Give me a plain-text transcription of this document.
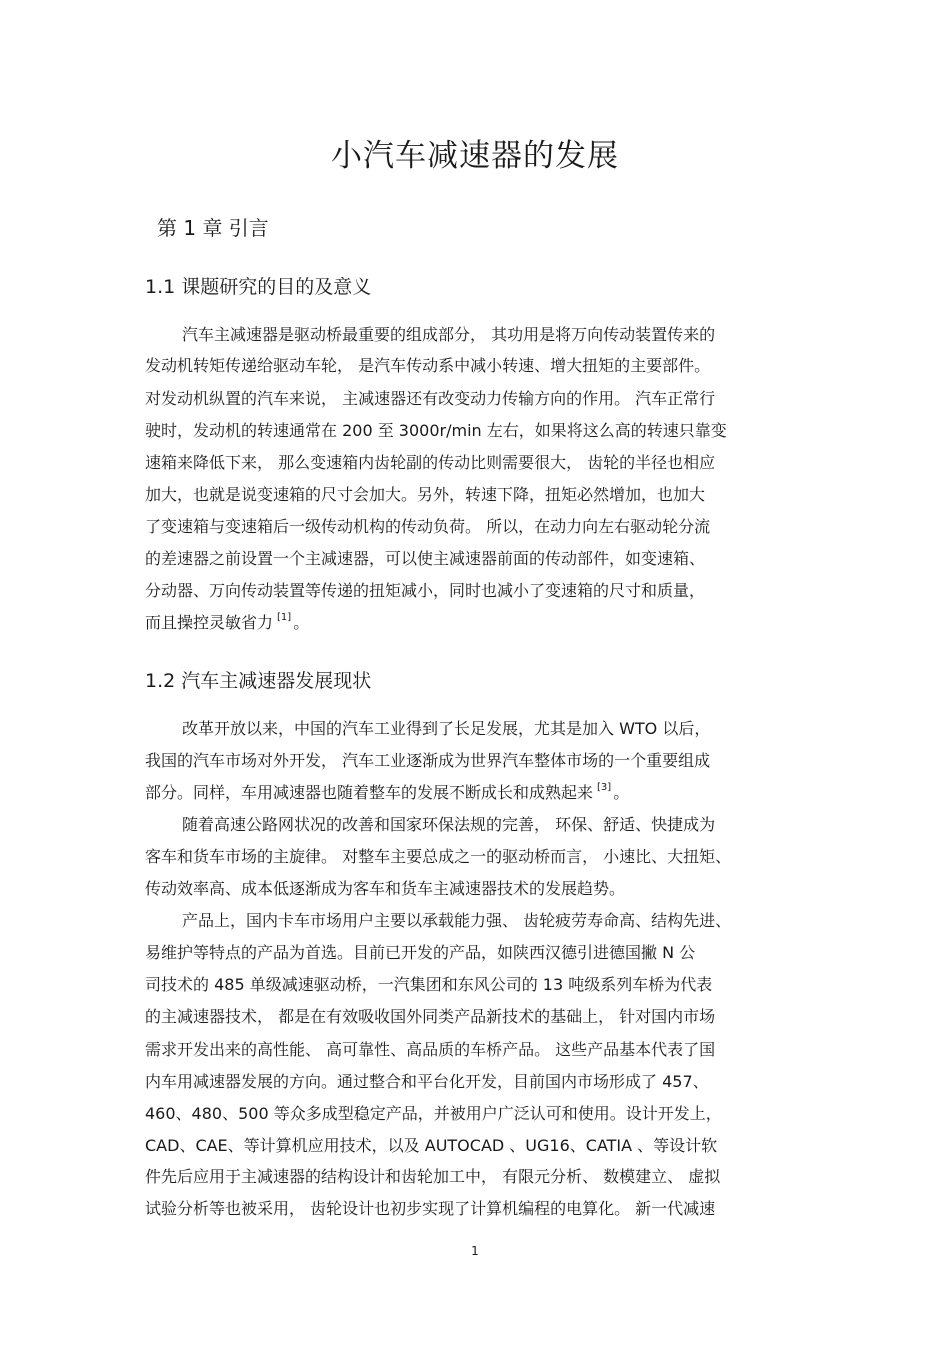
小汽车减速器的发展
第 1 章 引言
1.1 课题研究的目的及意义

汽车主减速器是驱动桥最重要的组成部分， 其功用是将万向传动装置传来的

发动机转矩传递给驱动车轮， 是汽车传动系中减小转速、增大扭矩的主要部件。

对发动机纵置的汽车来说， 主减速器还有改变动力传输方向的作用。 汽车正常行

驶时，发动机的转速通常在 200 至 3000r/min 左右，如果将这么高的转速只靠变

速箱来降低下来， 那么变速箱内齿轮副的传动比则需要很大， 齿轮的半径也相应

加大，也就是说变速箱的尺寸会加大。另外，转速下降，扭矩必然增加，也加大

了变速箱与变速箱后一级传动机构的传动负荷。 所以，在动力向左右驱动轮分流

的差速器之前设置一个主减速器，可以使主减速器前面的传动部件，如变速箱、

分动器、万向传动装置等传递的扭矩减小，同时也减小了变速箱的尺寸和质量，

而且操控灵敏省力 [1] 。

1.2 汽车主减速器发展现状

改革开放以来，中国的汽车工业得到了长足发展，尤其是加入 WTO 以后，

我国的汽车市场对外开发， 汽车工业逐渐成为世界汽车整体市场的一个重要组成

部分。同样，车用减速器也随着整车的发展不断成长和成熟起来 [3] 。

随着高速公路网状况的改善和国家环保法规的完善， 环保、舒适、快捷成为

客车和货车市场的主旋律。 对整车主要总成之一的驱动桥而言， 小速比、大扭矩、

传动效率高、成本低逐渐成为客车和货车主减速器技术的发展趋势。

产品上，国内卡车市场用户主要以承载能力强、 齿轮疲劳寿命高、结构先进、

易维护等特点的产品为首选。目前已开发的产品，如陕西汉德引进德国撇 N 公

司技术的 485 单级减速驱动桥，一汽集团和东风公司的 13 吨级系列车桥为代表

的主减速器技术， 都是在有效吸收国外同类产品新技术的基础上， 针对国内市场

需求开发出来的高性能、 高可靠性、高品质的车桥产品。 这些产品基本代表了国

内车用减速器发展的方向。通过整合和平台化开发，目前国内市场形成了 457、

460、480、500 等众多成型稳定产品，并被用户广泛认可和使用。设计开发上，

CAD、CAE、等计算机应用技术，以及 AUTOCAD 、UG16、CATIA 、等设计软

件先后应用于主减速器的结构设计和齿轮加工中， 有限元分析、 数模建立、 虚拟

试验分析等也被采用， 齿轮设计也初步实现了计算机编程的电算化。 新一代减速

1
